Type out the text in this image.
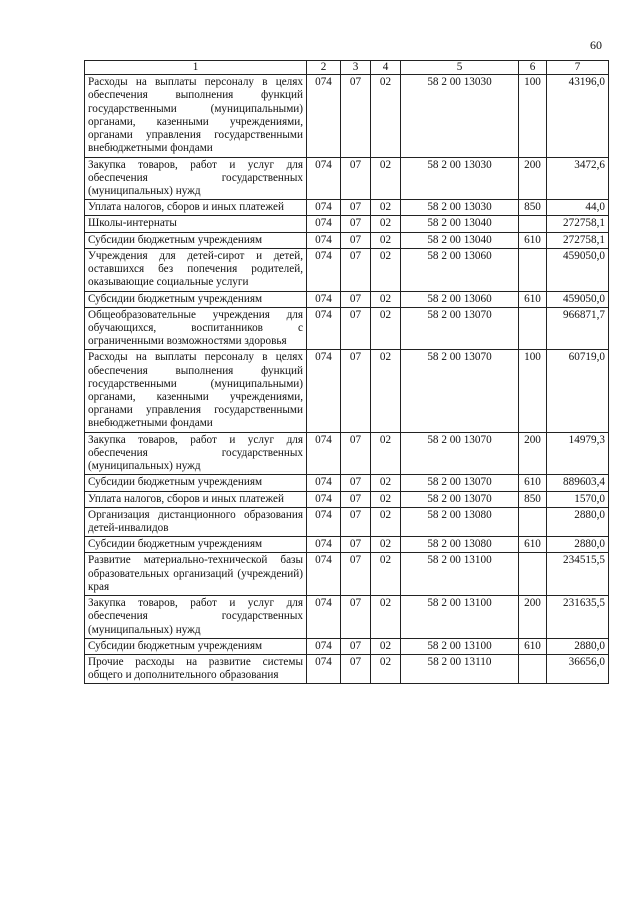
60
1	2	3	4	5	6	7
Расходы на выплаты персоналу в целях обеспечения выполнения функций государственными (муниципальными) органами, казенными учреждениями, органами управления государственными внебюджетными фондами	074	07	02	58 2 00 13030	100	43196,0
Закупка товаров, работ и услуг для обеспечения государственных (муниципальных) нужд	074	07	02	58 2 00 13030	200	3472,6
Уплата налогов, сборов и иных платежей	074	07	02	58 2 00 13030	850	44,0
Школы-интернаты	074	07	02	58 2 00 13040		272758,1
Субсидии бюджетным учреждениям	074	07	02	58 2 00 13040	610	272758,1
Учреждения для детей-сирот и детей, оставшихся без попечения родителей, оказывающие социальные услуги	074	07	02	58 2 00 13060		459050,0
Субсидии бюджетным учреждениям	074	07	02	58 2 00 13060	610	459050,0
Общеобразовательные учреждения для обучающихся, воспитанников с ограниченными возможностями здоровья	074	07	02	58 2 00 13070		966871,7
Расходы на выплаты персоналу в целях обеспечения выполнения функций государственными (муниципальными) органами, казенными учреждениями, органами управления государственными внебюджетными фондами	074	07	02	58 2 00 13070	100	60719,0
Закупка товаров, работ и услуг для обеспечения государственных (муниципальных) нужд	074	07	02	58 2 00 13070	200	14979,3
Субсидии бюджетным учреждениям	074	07	02	58 2 00 13070	610	889603,4
Уплата налогов, сборов и иных платежей	074	07	02	58 2 00 13070	850	1570,0
Организация дистанционного образования детей-инвалидов	074	07	02	58 2 00 13080		2880,0
Субсидии бюджетным учреждениям	074	07	02	58 2 00 13080	610	2880,0
Развитие материально-технической базы образовательных организаций (учреждений) края	074	07	02	58 2 00 13100		234515,5
Закупка товаров, работ и услуг для обеспечения государственных (муниципальных) нужд	074	07	02	58 2 00 13100	200	231635,5
Субсидии бюджетным учреждениям	074	07	02	58 2 00 13100	610	2880,0
Прочие расходы на развитие системы общего и дополнительного образования	074	07	02	58 2 00 13110		36656,0
